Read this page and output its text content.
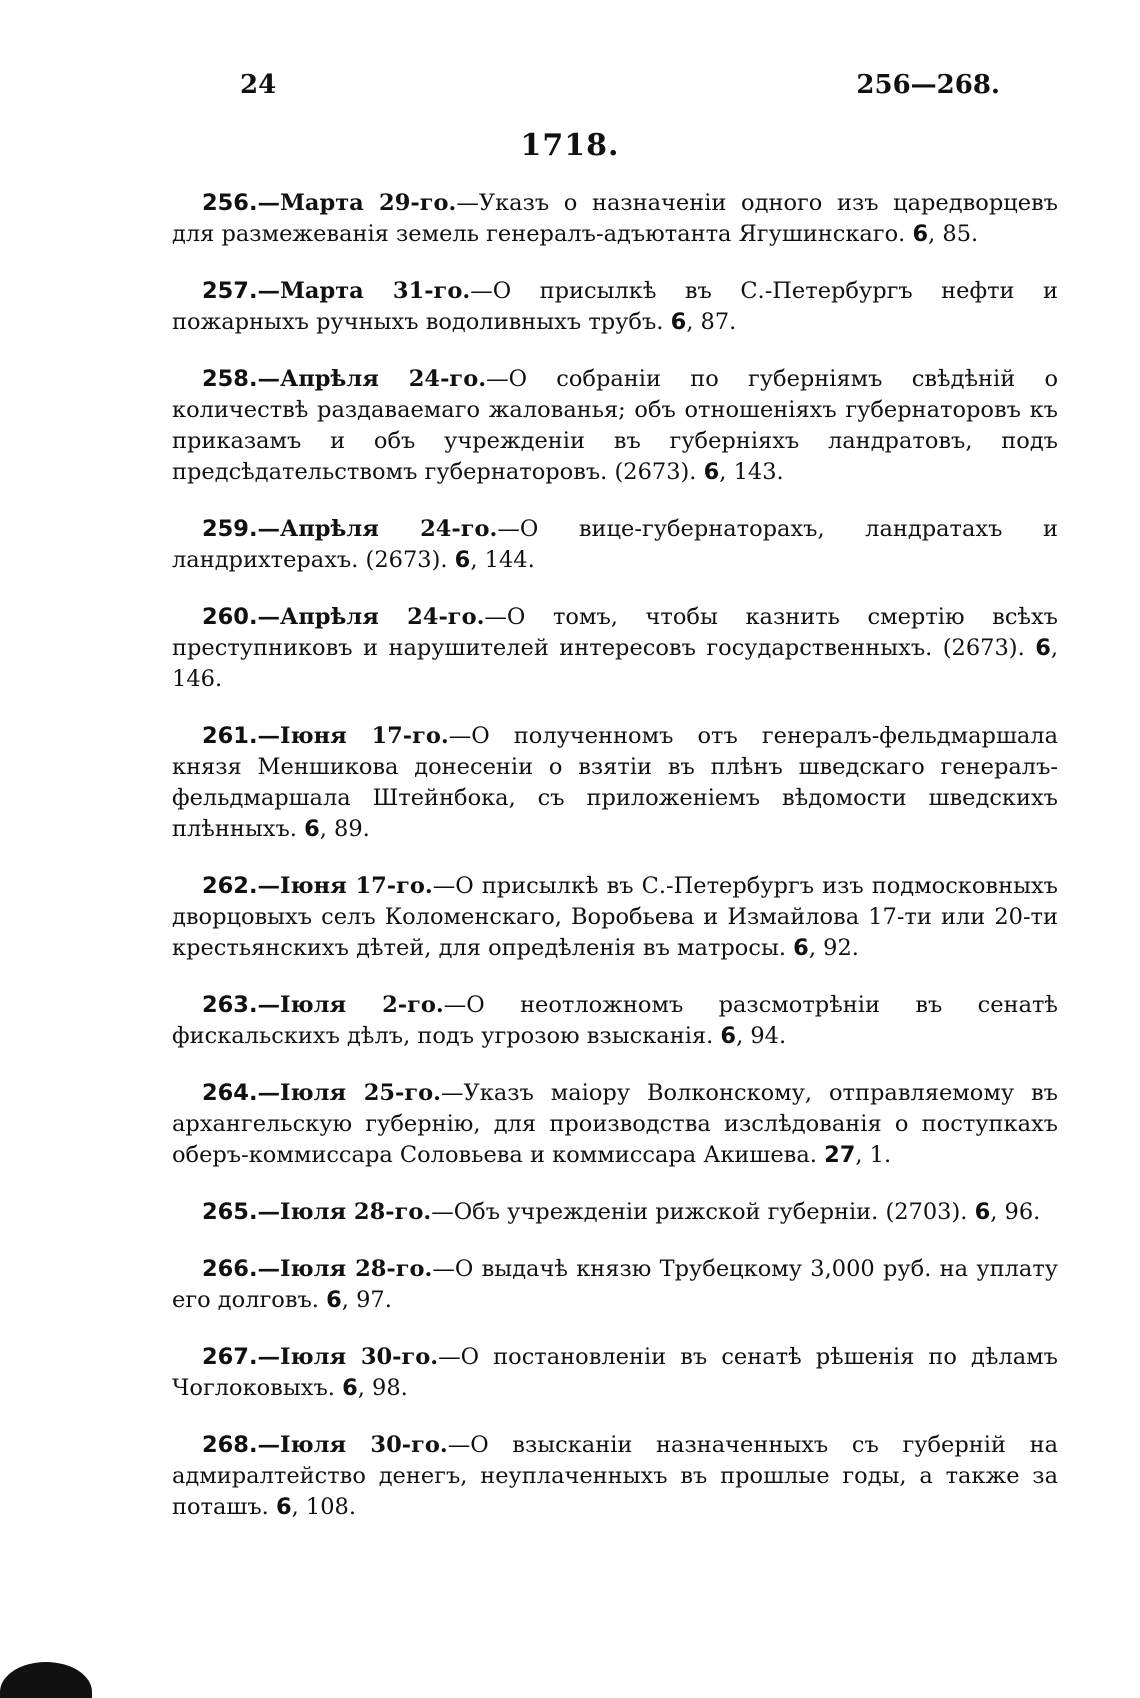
24	256—268.
1718.

256.—Марта 29-го.—Указъ о назначеніи одного изъ царедворцевъ для размежеванія земель генералъ-адъютанта Ягушинскаго. 6, 85.

257.—Марта 31-го.—О присылкѣ въ С.-Петербургъ нефти и пожарныхъ ручныхъ водоливныхъ трубъ. 6, 87.

258.—Апрѣля 24-го.—О собраніи по губерніямъ свѣдѣній о количествѣ раздаваемаго жалованья; объ отношеніяхъ губернаторовъ къ приказамъ и объ учрежденіи въ губерніяхъ ландратовъ, подъ предсѣдательствомъ губернаторовъ. (2673). 6, 143.

259.—Апрѣля 24-го.—О вице-губернаторахъ, ландратахъ и ландрихтерахъ. (2673). 6, 144.

260.—Апрѣля 24-го.—О томъ, чтобы казнить смертію всѣхъ преступниковъ и нарушителей интересовъ государственныхъ. (2673). 6, 146.

261.—Іюня 17-го.—О полученномъ отъ генералъ-фельдмаршала князя Меншикова донесеніи о взятіи въ плѣнъ шведскаго генералъ-фельдмаршала Штейнбока, съ приложеніемъ вѣдомости шведскихъ плѣнныхъ. 6, 89.

262.—Іюня 17-го.—О присылкѣ въ С.-Петербургъ изъ подмосковныхъ дворцовыхъ селъ Коломенскаго, Воробьева и Измайлова 17-ти или 20-ти крестьянскихъ дѣтей, для опредѣленія въ матросы. 6, 92.

263.—Іюля 2-го.—О неотложномъ разсмотрѣніи въ сенатѣ фискальскихъ дѣлъ, подъ угрозою взысканія. 6, 94.

264.—Іюля 25-го.—Указъ маіору Волконскому, отправляемому въ архангельскую губернію, для производства изслѣдованія о поступкахъ оберъ-коммиссара Соловьева и коммиссара Акишева. 27, 1.

265.—Іюля 28-го.—Объ учрежденіи рижской губерніи. (2703). 6, 96.

266.—Іюля 28-го.—О выдачѣ князю Трубецкому 3,000 руб. на уплату его долговъ. 6, 97.

267.—Іюля 30-го.—О постановленіи въ сенатѣ рѣшенія по дѣламъ Чоглоковыхъ. 6, 98.

268.—Іюля 30-го.—О взысканіи назначенныхъ съ губерній на адмиралтейство денегъ, неуплаченныхъ въ прошлые годы, а также за поташъ. 6, 108.
